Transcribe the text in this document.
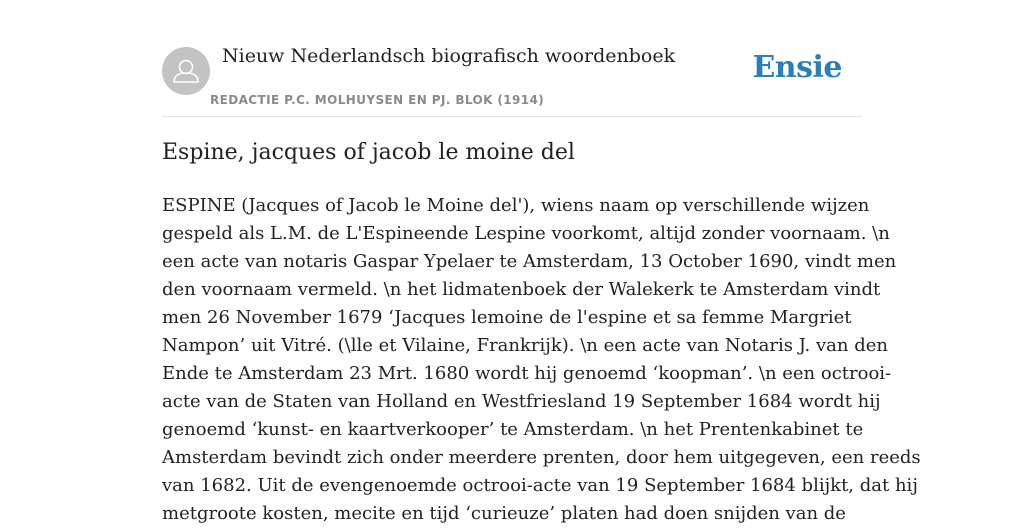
Nieuw Nederlandsch biografisch woordenboek
REDACTIE P.C. MOLHUYSEN EN PJ. BLOK (1914)
Ensie
Espine, jacques of jacob le moine del

ESPINE (Jacques of Jacob le Moine del'), wiens naam op verschillende wijzen
gespeld als L.M. de L'Espineende Lespine voorkomt, altijd zonder voornaam. \n
een acte van notaris Gaspar Ypelaer te Amsterdam, 13 October 1690, vindt men
den voornaam vermeld. \n het lidmatenboek der Walekerk te Amsterdam vindt
men 26 November 1679 ‘Jacques lemoine de l'espine et sa femme Margriet
Nampon’ uit Vitré. (\lle et Vilaine, Frankrijk). \n een acte van Notaris J. van den
Ende te Amsterdam 23 Mrt. 1680 wordt hij genoemd ‘koopman’. \n een octrooi-
acte van de Staten van Holland en Westfriesland 19 September 1684 wordt hij
genoemd ‘kunst- en kaartverkooper’ te Amsterdam. \n het Prentenkabinet te
Amsterdam bevindt zich onder meerdere prenten, door hem uitgegeven, een reeds
van 1682. Uit de evengenoemde octrooi-acte van 19 September 1684 blijkt, dat hij
metgroote kosten, mecite en tijd ‘curieuze’ platen had doen snijden van de
